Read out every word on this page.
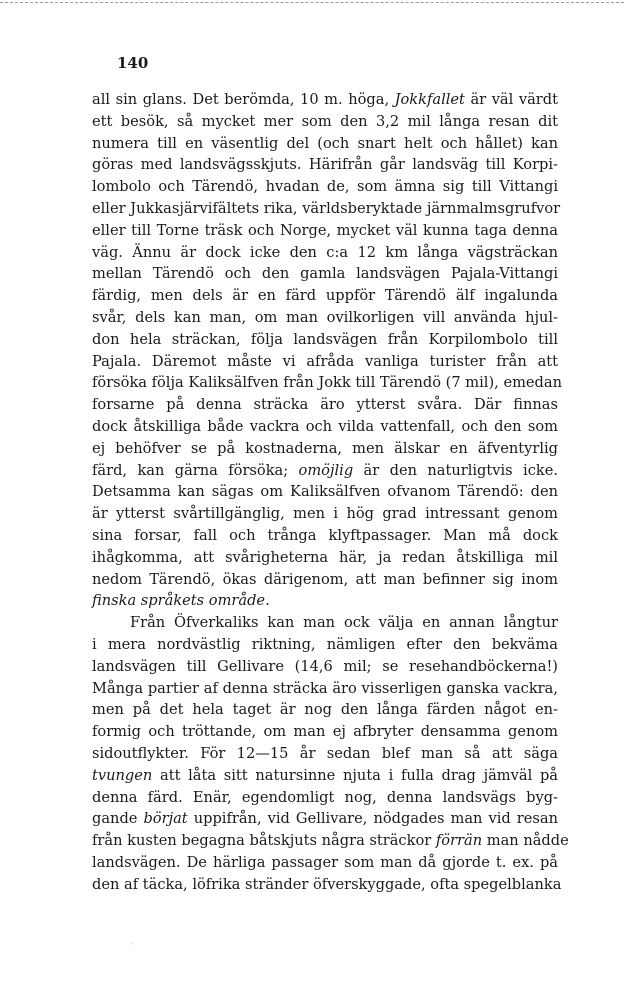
140
all sin glans. Det berömda, 10 m. höga, Jokkfallet är väl värdt
ett besök, så mycket mer som den 3,2 mil långa resan dit
numera till en väsentlig del (och snart helt och hållet) kan
göras med landsvägsskjuts. Härifrån går landsväg till Korpi-
lombolo och Tärendö, hvadan de, som ämna sig till Vittangi
eller Jukkasjärvifältets rika, världsberyktade järnmalmsgrufvor
eller till Torne träsk och Norge, mycket väl kunna taga denna
väg. Ännu är dock icke den c:a 12 km långa vägsträckan
mellan Tärendö och den gamla landsvägen Pajala-Vittangi
färdig, men dels är en färd uppför Tärendö älf ingalunda
svår, dels kan man, om man ovilkorligen vill använda hjul-
don hela sträckan, följa landsvägen från Korpilombolo till
Pajala. Däremot måste vi afråda vanliga turister från att
försöka följa Kaliksälfven från Jokk till Tärendö (7 mil), emedan
forsarne på denna sträcka äro ytterst svåra. Där finnas
dock åtskilliga både vackra och vilda vattenfall, och den som
ej behöfver se på kostnaderna, men älskar en äfventyrlig
färd, kan gärna försöka; omöjlig är den naturligtvis icke.
Detsamma kan sägas om Kaliksälfven ofvanom Tärendö: den
är ytterst svårtillgänglig, men i hög grad intressant genom
sina forsar, fall och trånga klyftpassager. Man må dock
ihågkomma, att svårigheterna här, ja redan åtskilliga mil
nedom Tärendö, ökas därigenom, att man befinner sig inom
finska språkets område.
Från Öfverkaliks kan man ock välja en annan långtur
i mera nordvästlig riktning, nämligen efter den bekväma
landsvägen till Gellivare (14,6 mil; se resehandböckerna!)
Många partier af denna sträcka äro visserligen ganska vackra,
men på det hela taget är nog den långa färden något en-
formig och tröttande, om man ej afbryter densamma genom
sidoutflykter. För 12—15 år sedan blef man så att säga
tvungen att låta sitt natursinne njuta i fulla drag jämväl på
denna färd. Enär, egendomligt nog, denna landsvägs byg-
gande börjat uppifrån, vid Gellivare, nödgades man vid resan
från kusten begagna båtskjuts några sträckor förrän man nådde
landsvägen. De härliga passager som man då gjorde t. ex. på
den af täcka, löfrika stränder öfverskyggade, ofta spegelblanka
·
